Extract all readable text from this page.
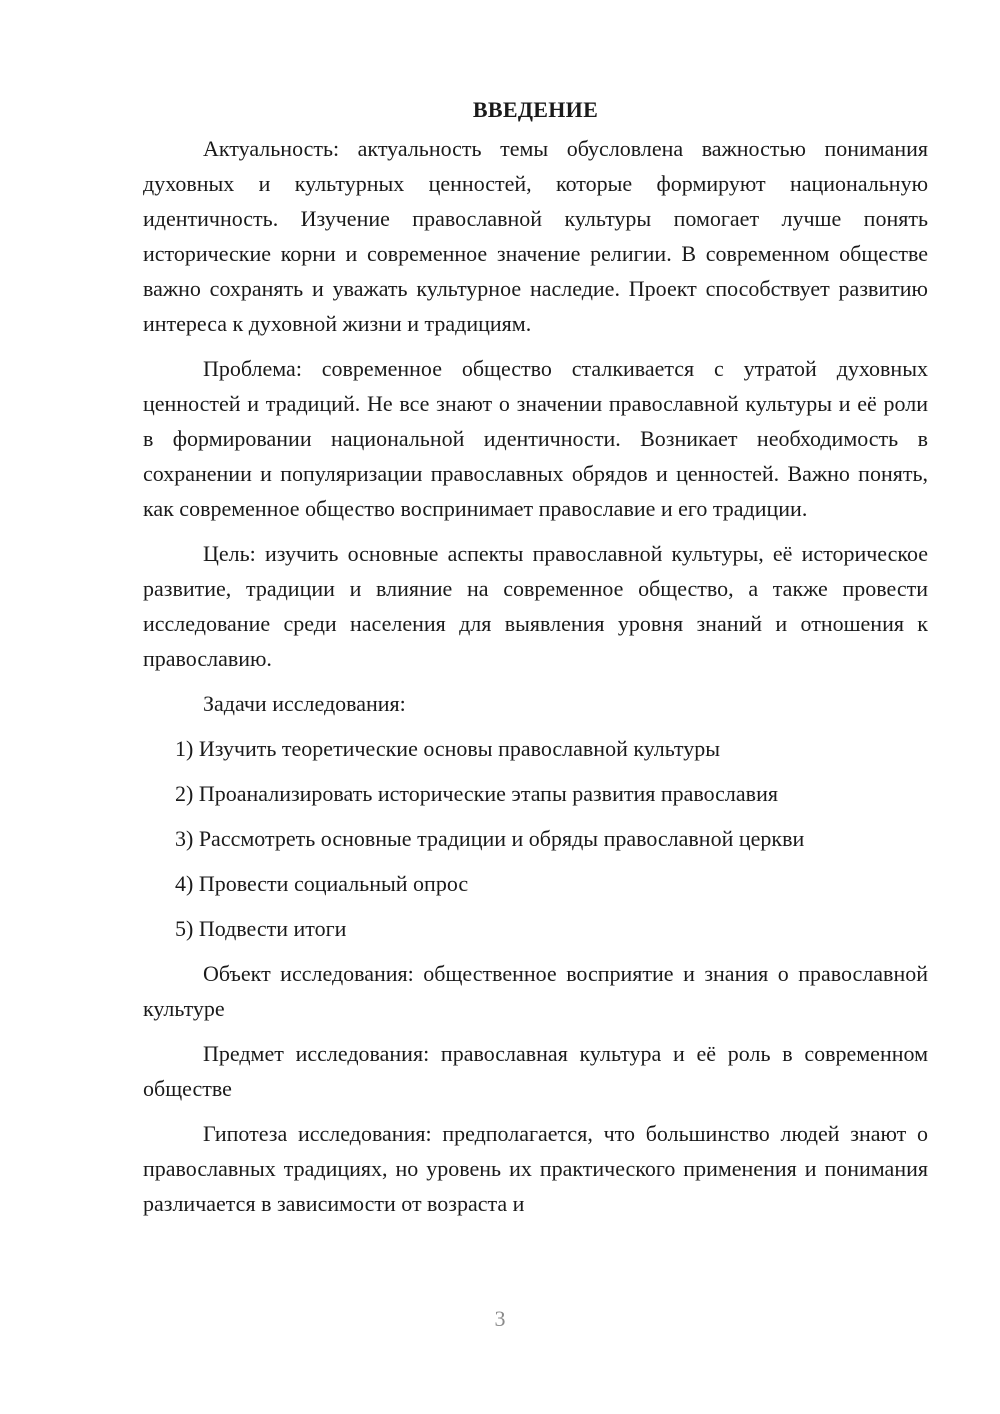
ВВЕДЕНИЕ

Актуальность: актуальность темы обусловлена важностью понимания духовных и культурных ценностей, которые формируют национальную идентичность. Изучение православной культуры помогает лучше понять исторические корни и современное значение религии. В современном обществе важно сохранять и уважать культурное наследие. Проект способствует развитию интереса к духовной жизни и традициям.

Проблема: современное общество сталкивается с утратой духовных ценностей и традиций. Не все знают о значении православной культуры и её роли в формировании национальной идентичности. Возникает необходимость в сохранении и популяризации православных обрядов и ценностей. Важно понять, как современное общество воспринимает православие и его традиции.

Цель: изучить основные аспекты православной культуры, её историческое развитие, традиции и влияние на современное общество, а также провести исследование среди населения для выявления уровня знаний и отношения к православию.

Задачи исследования:

1) Изучить теоретические основы православной культуры
2) Проанализировать исторические этапы развития православия
3) Рассмотреть основные традиции и обряды православной церкви
4) Провести социальный опрос
5) Подвести итоги

Объект исследования: общественное восприятие и знания о православной культуре

Предмет исследования: православная культура и её роль в современном обществе

Гипотеза исследования: предполагается, что большинство людей знают о православных традициях, но уровень их практического применения и понимания различается в зависимости от возраста и

3
